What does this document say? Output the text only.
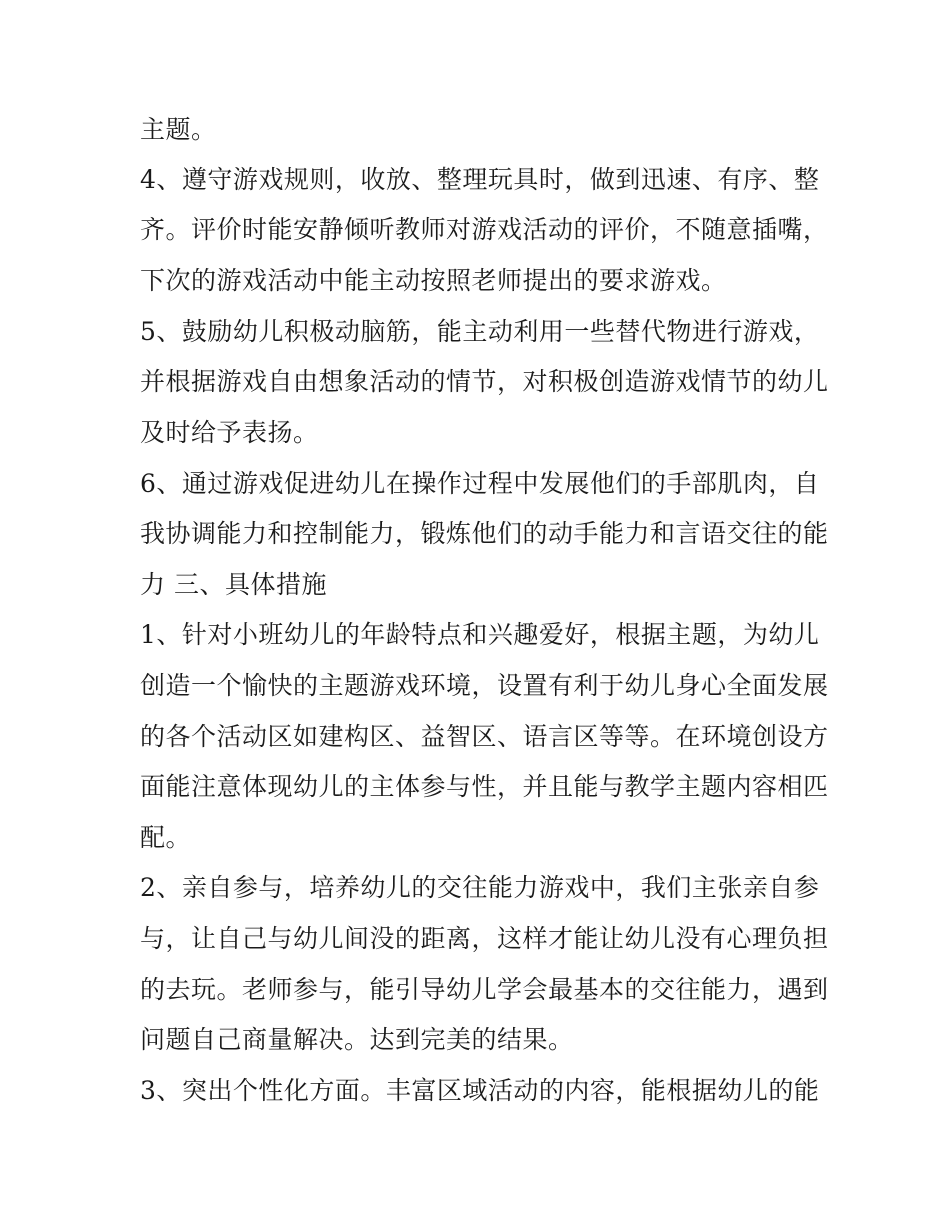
主题。
4、遵守游戏规则，收放、整理玩具时，做到迅速、有序、整
齐。评价时能安静倾听教师对游戏活动的评价，不随意插嘴，
下次的游戏活动中能主动按照老师提出的要求游戏。
5、鼓励幼儿积极动脑筋，能主动利用一些替代物进行游戏，
并根据游戏自由想象活动的情节，对积极创造游戏情节的幼儿
及时给予表扬。
6、通过游戏促进幼儿在操作过程中发展他们的手部肌肉，自
我协调能力和控制能力，锻炼他们的动手能力和言语交往的能
力 三、具体措施
1、针对小班幼儿的年龄特点和兴趣爱好，根据主题，为幼儿
创造一个愉快的主题游戏环境，设置有利于幼儿身心全面发展
的各个活动区如建构区、益智区、语言区等等。在环境创设方
面能注意体现幼儿的主体参与性，并且能与教学主题内容相匹
配。
2、亲自参与，培养幼儿的交往能力游戏中，我们主张亲自参
与，让自己与幼儿间没的距离，这样才能让幼儿没有心理负担
的去玩。老师参与，能引导幼儿学会最基本的交往能力，遇到
问题自己商量解决。达到完美的结果。
3、突出个性化方面。丰富区域活动的内容，能根据幼儿的能
